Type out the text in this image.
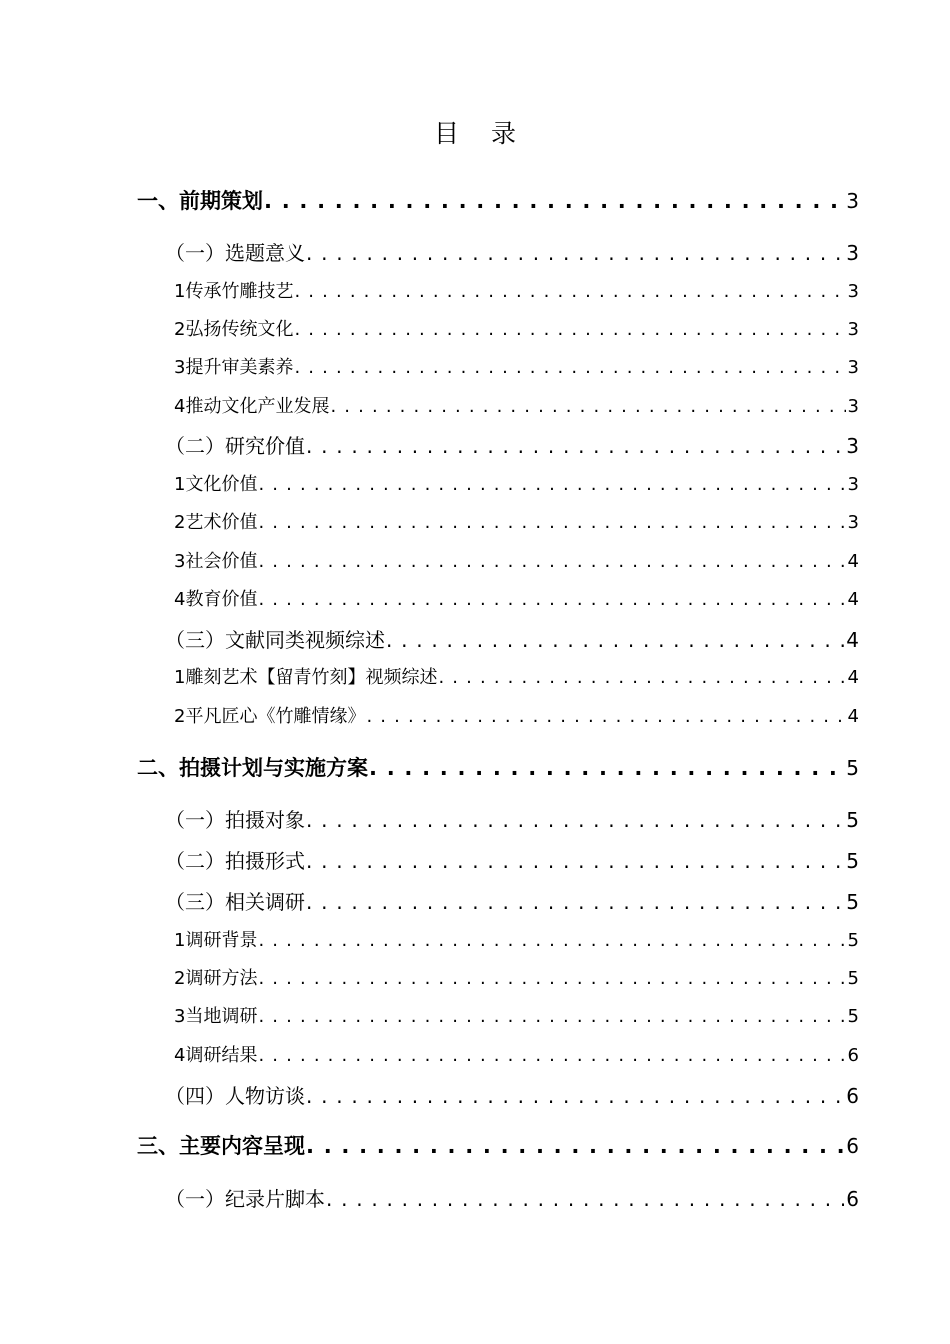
目 录
一、前期策划 . . .	3
（一）选题意义 . . .	3
1 传承竹雕技艺 . . .	3
2 弘扬传统文化 . . .	3
3 提升审美素养 . . .	3
4 推动文化产业发展 . . .	3
（二）研究价值 . . .	3
1 文化价值 . . .	3
2 艺术价值 . . .	3
3 社会价值 . . .	4
4 教育价值 . . .	4
（三）文献同类视频综述 . . .	4
1 雕刻艺术【留青竹刻】视频综述 . . .	4
2 平凡匠心《竹雕情缘》 . . .	4
二、拍摄计划与实施方案 . . .	5
（一）拍摄对象 . . .	5
（二）拍摄形式 . . .	5
（三）相关调研 . . .	5
1 调研背景 . . .	5
2 调研方法 . . .	5
3 当地调研 . . .	5
4 调研结果 . . .	6
（四）人物访谈 . . .	6
三、主要内容呈现 . . .	6
（一）纪录片脚本 . . .	6
